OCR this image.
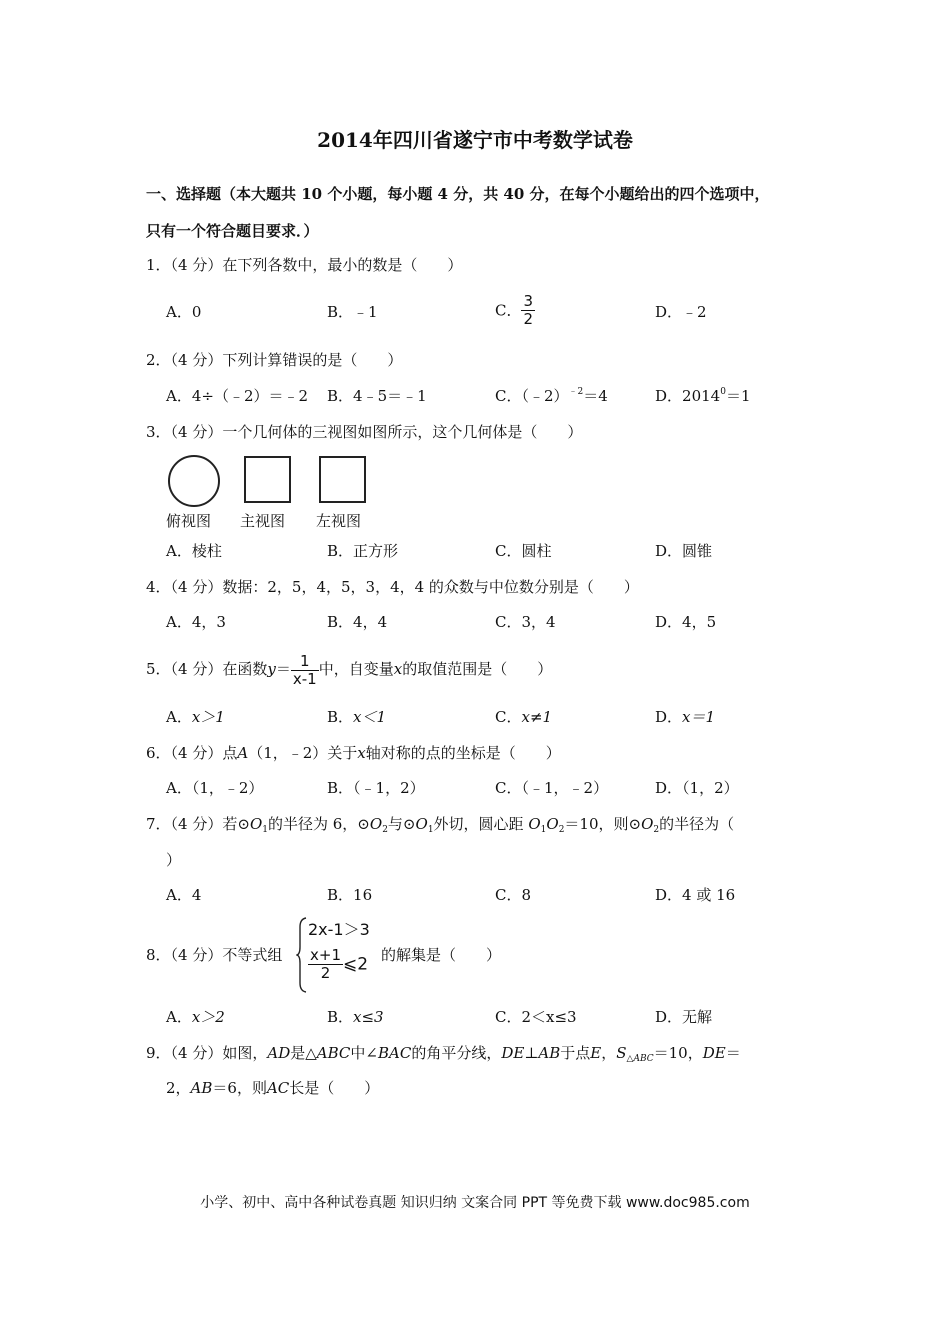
2014年四川省遂宁市中考数学试卷
一、选择题（本大题共 10 个小题，每小题 4 分，共 40 分，在每个小题给出的四个选项中，
只有一个符合题目要求．）
1．（4 分）在下列各数中，最小的数是（　　）
A．0	B．﹣1	C． $\frac{3}{2}$	D．﹣2
2．（4 分）下列计算错误的是（　　）
A．4÷（﹣2）＝﹣2 B．4﹣5＝﹣1	C．（﹣2）$^{﹣2}$＝4	D．$2014^0=1$
3．（4 分）一个几何体的三视图如图所示，这个几何体是（　　）
俯视图 主视图 左视图
A．棱柱	B．正方形	C．圆柱	D．圆锥
4．（4 分）数据：2，5，4，5，3，4，4 的众数与中位数分别是（　　）
A．4，3	B．4，4	C．3，4	D．4，5
5．（4 分）在函数$y= \frac{1}{x-1}$ 中，自变量x的取值范围是（　　）
A．x＞1	B．x＜1	C．x≠1	D．x＝1
6．（4 分）点A（1，﹣2）关于x轴对称的点的坐标是（　　）
A．（1，﹣2）	B．（﹣1，2）	C．（﹣1，﹣2）	D．（1，2）
7．（4 分）若$⊙O_1$的半径为 6，$⊙O_2$与$⊙O_1$外切，圆心距 $O_1O_2=10$，则$⊙O_2$的半径为（
）
A．4	B．16	C．8	D．4 或 16
8．（4 分）不等式组
2x-1＞3
$\frac{x+1}{2}$ ⩽2 的解集是（　　）
A．x＞2	B．x≤3	C．2＜x≤3	D．无解
9．（4 分）如图，AD是△ABC中∠BAC的角平分线，DE⊥AB于点E，$S_{\triangle ABC}=10$，DE＝
2，AB＝6，则AC长是（　　）
小学、初中、高中各种试卷真题 知识归纳 文案合同 PPT 等免费下载 www.doc985.com
